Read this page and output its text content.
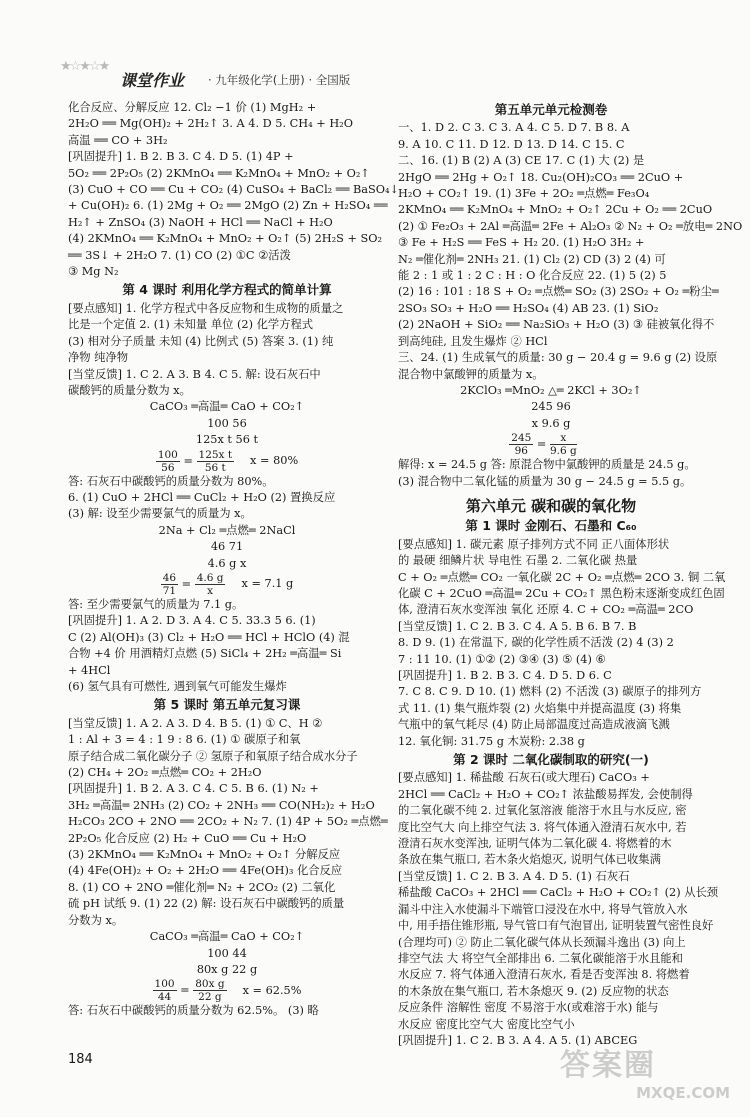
★☆★☆★
课堂作业 · 九年级化学(上册) · 全国版

化合反应、分解反应 12. Cl₂ −1 价 (1) MgH₂ +

2H₂O ══ Mg(OH)₂ + 2H₂↑ 3. A 4. D 5. CH₄ + H₂O

高温 ══ CO + 3H₂

[巩固提升] 1. B 2. B 3. C 4. D 5. (1) 4P +

5O₂ ══ 2P₂O₅ (2) 2KMnO₄ ══ K₂MnO₄ + MnO₂ + O₂↑

(3) CuO + CO ══ Cu + CO₂ (4) CuSO₄ + BaCl₂ ══ BaSO₄↓

+ Cu(OH)₂ 6. (1) 2Mg + O₂ ══ 2MgO (2) Zn + H₂SO₄ ══

H₂↑ + ZnSO₄ (3) NaOH + HCl ══ NaCl + H₂O

(4) 2KMnO₄ ══ K₂MnO₄ + MnO₂ + O₂↑ (5) 2H₂S + SO₂

══ 3S↓ + 2H₂O 7. (1) CO (2) ①C ②活泼

③ Mg N₂

第 4 课时 利用化学方程式的简单计算

[要点感知] 1. 化学方程式中各反应物和生成物的质量之

比是一个定值 2. (1) 未知量 单位 (2) 化学方程式

(3) 相对分子质量 未知 (4) 比例式 (5) 答案 3. (1) 纯

净物 纯净物

[当堂反馈] 1. C 2. A 3. B 4. C 5. 解: 设石灰石中

碳酸钙的质量分数为 x。

CaCO₃ ═高温═ CaO + CO₂↑

100 56

125x t 56 t

$\frac{100}{56} = \frac{\text{125x t}}{56 t}$ x = 80%

答: 石灰石中碳酸钙的质量分数为 80%。

6. (1) CuO + 2HCl ══ CuCl₂ + H₂O (2) 置换反应

(3) 解: 设至少需要氯气的质量为 x。

2Na + Cl₂ ═点燃═ 2NaCl

46 71

4.6 g x

$\frac{46}{71} = \frac{4.6 g}{x}$ x = 7.1 g

答: 至少需要氯气的质量为 7.1 g。

[巩固提升] 1. A 2. D 3. A 4. C 5. 33.3 5 6. (1)

C (2) Al(OH)₃ (3) Cl₂ + H₂O ══ HCl + HClO (4) 混

合物 +4 价 用酒精灯点燃 (5) SiCl₄ + 2H₂ ═高温═ Si

+ 4HCl

(6) 氢气具有可燃性, 遇到氧气可能发生爆炸

第 5 课时 第五单元复习课

[当堂反馈] 1. A 2. A 3. D 4. B 5. (1) ① C、H ②

1 : Al + 3 = 4 : 1 9 : 8 6. (1) ① 碳原子和氧

原子结合成二氧化碳分子 ② 氢原子和氧原子结合成水分子

(2) CH₄ + 2O₂ ═点燃═ CO₂ + 2H₂O

[巩固提升] 1. B 2. A 3. C 4. C 5. B 6. (1) N₂ +

3H₂ ═高温═ 2NH₃ (2) CO₂ + 2NH₃ ══ CO(NH₂)₂ + H₂O

H₂CO₃ 2CO + 2NO ══ 2CO₂ + N₂ 7. (1) 4P + 5O₂ ═点燃═

2P₂O₅ 化合反应 (2) H₂ + CuO ══ Cu + H₂O

(3) 2KMnO₄ ══ K₂MnO₄ + MnO₂ + O₂↑ 分解反应

(4) 4Fe(OH)₂ + O₂ + 2H₂O ══ 4Fe(OH)₃ 化合反应

8. (1) CO + 2NO ═催化剂═ N₂ + 2CO₂ (2) 二氧化

硫 pH 试纸 9. (1) 22 (2) 解: 设石灰石中碳酸钙的质量

分数为 x。

CaCO₃ ═高温═ CaO + CO₂↑

100 44

80x g 22 g

$\frac{100}{44} = \frac{\text{80x g}}{22 g}$ x = 62.5%

答: 石灰石中碳酸钙的质量分数为 62.5%。 (3) 略

第五单元单元检测卷

一、1. D 2. C 3. C 3. A 4. C 5. D 7. B 8. A

9. A 10. C 11. D 12. D 13. D 14. C 15. C

二、16. (1) B (2) A (3) CE 17. C (1) 大 (2) 是

2HgO ══ 2Hg + O₂↑ 18. Cu₂(OH)₂CO₃ ══ 2CuO +

H₂O + CO₂↑ 19. (1) 3Fe + 2O₂ ═点燃═ Fe₃O₄

2KMnO₄ ══ K₂MnO₄ + MnO₂ + O₂↑ 2Cu + O₂ ══ 2CuO

(2) ① Fe₂O₃ + 2Al ═高温═ 2Fe + Al₂O₃ ② N₂ + O₂ ═放电═ 2NO

③ Fe + H₂S ══ FeS + H₂ 20. (1) H₂O 3H₂ +

N₂ ═催化剂═ 2NH₃ 21. (1) Cl₂ (2) CD (3) 2 (4) 可

能 2 : 1 或 1 : 2 C : H : O 化合反应 22. (1) 5 (2) 5

(2) 16 : 101 : 18 S + O₂ ═点燃═ SO₂ (3) 2SO₂ + O₂ ═粉尘═

2SO₃ SO₃ + H₂O ══ H₂SO₄ (4) AB 23. (1) SiO₂

(2) 2NaOH + SiO₂ ══ Na₂SiO₃ + H₂O (3) ③ 硅被氧化得不

到高纯硅, 且发生爆炸 ② HCl

三、24. (1) 生成氧气的质量: 30 g − 20.4 g = 9.6 g (2) 设原

混合物中氯酸钾的质量为 x。

2KClO₃ ═MnO₂ △═ 2KCl + 3O₂↑

245 96

x 9.6 g

$\frac{245}{96} = \frac{x}{9.6 g}$

解得: x = 24.5 g 答: 原混合物中氯酸钾的质量是 24.5 g。

(3) 混合物中二氧化锰的质量为 30 g − 24.5 g = 5.5 g。

第六单元 碳和碳的氧化物
第 1 课时 金刚石、石墨和 C₆₀

[要点感知] 1. 碳元素 原子排列方式不同 正八面体形状

的 最硬 细鳞片状 导电性 石墨 2. 二氧化碳 热量

C + O₂ ═点燃═ CO₂ 一氧化碳 2C + O₂ ═点燃═ 2CO 3. 铜 二氧

化碳 C + 2CuO ═高温═ 2Cu + CO₂↑ 黑色粉末逐渐变成红色固

体, 澄清石灰水变浑浊 氧化 还原 4. C + CO₂ ═高温═ 2CO

[当堂反馈] 1. C 2. B 3. C 4. A 5. B 6. B 7. B

8. D 9. (1) 在常温下, 碳的化学性质不活泼 (2) 4 (3) 2

7 : 11 10. (1) ①② (2) ③④ (3) ⑤ (4) ⑥

[巩固提升] 1. B 2. B 3. C 4. D 5. D 6. C

7. C 8. C 9. D 10. (1) 燃料 (2) 不活泼 (3) 碳原子的排列方

式 11. (1) 集气瓶炸裂 (2) 火焰集中并提高温度 (3) 将集

气瓶中的氧气耗尽 (4) 防止局部温度过高造成液滴飞溅

12. 氧化铜: 31.75 g 木炭粉: 2.38 g

第 2 课时 二氧化碳制取的研究(一)

[要点感知] 1. 稀盐酸 石灰石(或大理石) CaCO₃ +

2HCl ══ CaCl₂ + H₂O + CO₂↑ 浓盐酸易挥发, 会使制得

的二氧化碳不纯 2. 过氧化氢溶液 能溶于水且与水反应, 密

度比空气大 向上排空气法 3. 将气体通入澄清石灰水中, 若

澄清石灰水变浑浊, 证明气体为二氧化碳 4. 将燃着的木

条放在集气瓶口, 若木条火焰熄灭, 说明气体已收集满

[当堂反馈] 1. C 2. B 3. A 4. D 5. (1) 石灰石

稀盐酸 CaCO₃ + 2HCl ══ CaCl₂ + H₂O + CO₂↑ (2) 从长颈

漏斗中注入水使漏斗下端管口浸没在水中, 将导气管放入水

中, 用手捂住锥形瓶, 导气管口有气泡冒出, 证明装置气密性良好

(合理均可) ② 防止二氧化碳气体从长颈漏斗逸出 (3) 向上

排空气法 大 将空气全部排出 6. 二氧化碳能溶于水且能和

水反应 7. 将气体通入澄清石灰水, 看是否变浑浊 8. 将燃着

的木条放在集气瓶口, 若木条熄灭 9. (2) 反应物的状态

反应条件 溶解性 密度 不易溶于水(或难溶于水) 能与

水反应 密度比空气大 密度比空气小

[巩固提升] 1. C 2. B 3. A 4. A 5. (1) ABCEG

184	答案圈
MXQE.COM
